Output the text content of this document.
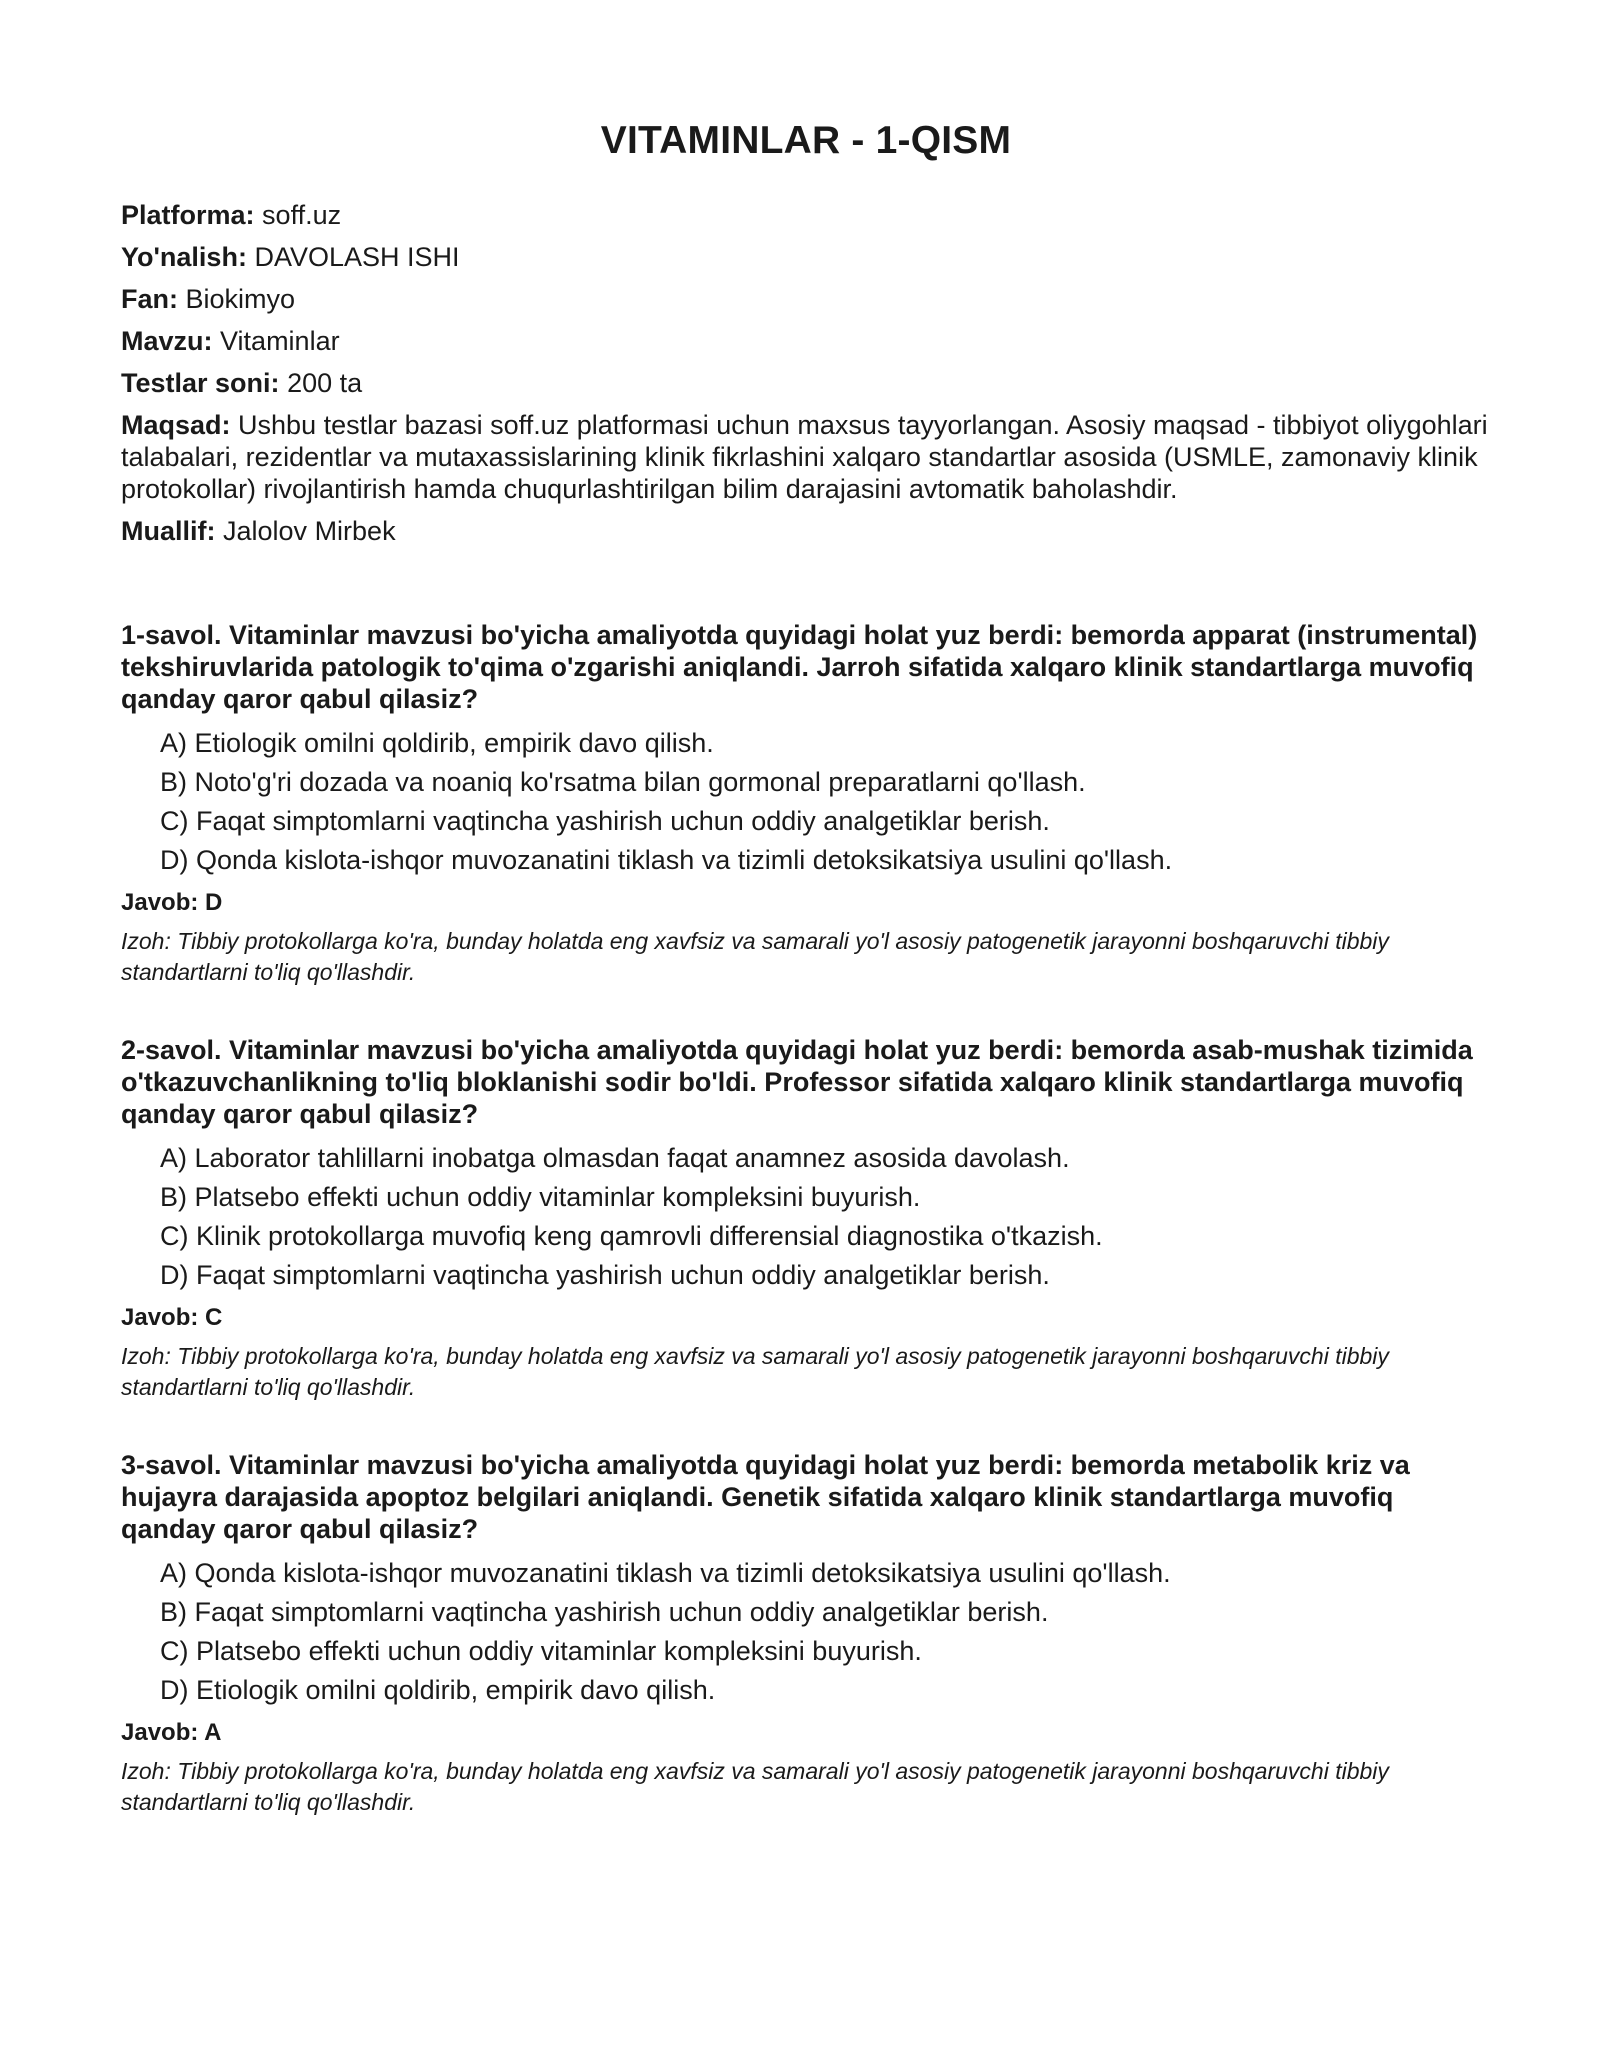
VITAMINLAR - 1-QISM

Platforma: soff.uz

Yo'nalish: DAVOLASH ISHI

Fan: Biokimyo

Mavzu: Vitaminlar

Testlar soni: 200 ta

Maqsad: Ushbu testlar bazasi soff.uz platformasi uchun maxsus tayyorlangan. Asosiy maqsad - tibbiyot oliygohlari talabalari, rezidentlar va mutaxassislarining klinik fikrlashini xalqaro standartlar asosida (USMLE, zamonaviy klinik protokollar) rivojlantirish hamda chuqurlashtirilgan bilim darajasini avtomatik baholashdir.

Muallif: Jalolov Mirbek

1-savol. Vitaminlar mavzusi bo'yicha amaliyotda quyidagi holat yuz berdi: bemorda apparat (instrumental) tekshiruvlarida patologik to'qima o'zgarishi aniqlandi. Jarroh sifatida xalqaro klinik standartlarga muvofiq qanday qaror qabul qilasiz?

A) Etiologik omilni qoldirib, empirik davo qilish.
B) Noto'g'ri dozada va noaniq ko'rsatma bilan gormonal preparatlarni qo'llash.
C) Faqat simptomlarni vaqtincha yashirish uchun oddiy analgetiklar berish.
D) Qonda kislota-ishqor muvozanatini tiklash va tizimli detoksikatsiya usulini qo'llash.

Javob: D

Izoh: Tibbiy protokollarga ko'ra, bunday holatda eng xavfsiz va samarali yo'l asosiy patogenetik jarayonni boshqaruvchi tibbiy standartlarni to'liq qo'llashdir.

2-savol. Vitaminlar mavzusi bo'yicha amaliyotda quyidagi holat yuz berdi: bemorda asab-mushak tizimida o'tkazuvchanlikning to'liq bloklanishi sodir bo'ldi. Professor sifatida xalqaro klinik standartlarga muvofiq qanday qaror qabul qilasiz?

A) Laborator tahlillarni inobatga olmasdan faqat anamnez asosida davolash.
B) Platsebo effekti uchun oddiy vitaminlar kompleksini buyurish.
C) Klinik protokollarga muvofiq keng qamrovli differensial diagnostika o'tkazish.
D) Faqat simptomlarni vaqtincha yashirish uchun oddiy analgetiklar berish.

Javob: C

Izoh: Tibbiy protokollarga ko'ra, bunday holatda eng xavfsiz va samarali yo'l asosiy patogenetik jarayonni boshqaruvchi tibbiy standartlarni to'liq qo'llashdir.

3-savol. Vitaminlar mavzusi bo'yicha amaliyotda quyidagi holat yuz berdi: bemorda metabolik kriz va hujayra darajasida apoptoz belgilari aniqlandi. Genetik sifatida xalqaro klinik standartlarga muvofiq qanday qaror qabul qilasiz?

A) Qonda kislota-ishqor muvozanatini tiklash va tizimli detoksikatsiya usulini qo'llash.
B) Faqat simptomlarni vaqtincha yashirish uchun oddiy analgetiklar berish.
C) Platsebo effekti uchun oddiy vitaminlar kompleksini buyurish.
D) Etiologik omilni qoldirib, empirik davo qilish.

Javob: A

Izoh: Tibbiy protokollarga ko'ra, bunday holatda eng xavfsiz va samarali yo'l asosiy patogenetik jarayonni boshqaruvchi tibbiy standartlarni to'liq qo'llashdir.
